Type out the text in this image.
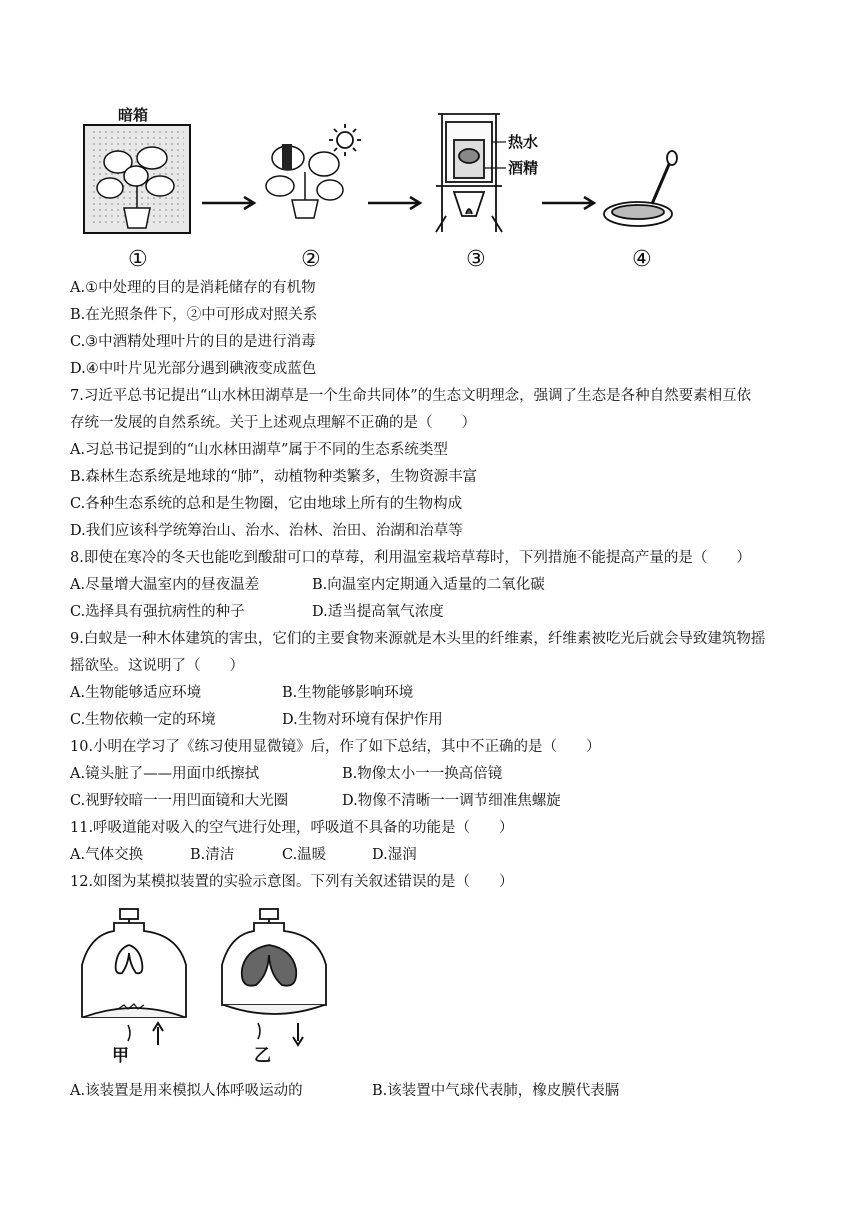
暗箱
热水
酒精
①	②	③	④
A.①中处理的目的是消耗储存的有机物
B.在光照条件下，②中可形成对照关系
C.③中酒精处理叶片的目的是进行消毒
D.④中叶片见光部分遇到碘液变成蓝色
7.习近平总书记提出“山水林田湖草是一个生命共同体”的生态文明理念，强调了生态是各种自然要素相互依
存统一发展的自然系统。关于上述观点理解不正确的是（　　）
A.习总书记提到的“山水林田湖草”属于不同的生态系统类型
B.森林生态系统是地球的“肺”，动植物种类繁多，生物资源丰富
C.各种生态系统的总和是生物圈，它由地球上所有的生物构成
D.我们应该科学统筹治山、治水、治林、治田、治湖和治草等
8.即使在寒冷的冬天也能吃到酸甜可口的草莓，利用温室栽培草莓时，下列措施不能提高产量的是（　　）
A.尽量增大温室内的昼夜温差	B.向温室内定期通入适量的二氧化碳
C.选择具有强抗病性的种子	D.适当提高氧气浓度
9.白蚁是一种木体建筑的害虫，它们的主要食物来源就是木头里的纤维素，纤维素被吃光后就会导致建筑物摇
摇欲坠。这说明了（　　）
A.生物能够适应环境	B.生物能够影响环境
C.生物依赖一定的环境	D.生物对环境有保护作用
10.小明在学习了《练习使用显微镜》后，作了如下总结，其中不正确的是（　　）
A.镜头脏了——用面巾纸擦拭	B.物像太小一一换高倍镜
C.视野较暗一一用凹面镜和大光圈	D.物像不清晰一一调节细准焦螺旋
11.呼吸道能对吸入的空气进行处理，呼吸道不具备的功能是（　　）
A.气体交换	B.清洁	C.温暖	D.湿润
12.如图为某模拟装置的实验示意图。下列有关叙述错误的是（　　）
甲	乙
A.该装置是用来模拟人体呼吸运动的	B.该装置中气球代表肺，橡皮膜代表膈
